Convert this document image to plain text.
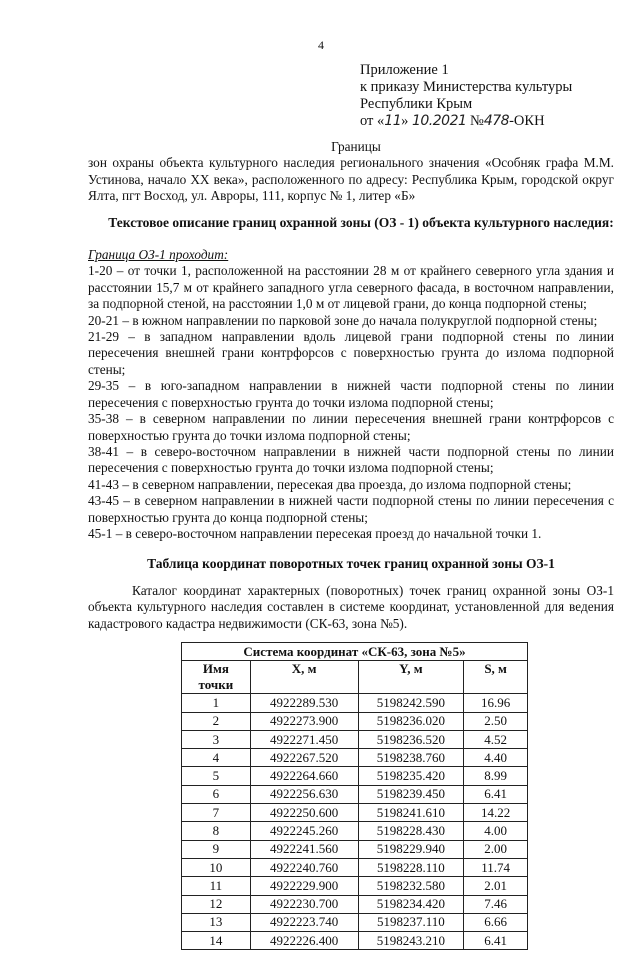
4
Приложение 1
к приказу Министерства культуры
Республики Крым
от «11» 10.2021 №478-ОКН
Границы
зон охраны объекта культурного наследия регионального значения «Особняк графа М.М. Устинова, начало XX века», расположенного по адресу: Республика Крым, городской округ Ялта, пгт Восход, ул. Авроры, 111, корпус № 1, литер «Б»
Текстовое описание границ охранной зоны (ОЗ - 1) объекта культурного наследия:

Граница ОЗ-1 проходит:

1-20 – от точки 1, расположенной на расстоянии 28 м от крайнего северного угла здания и расстоянии 15,7 м от крайнего западного угла северного фасада, в восточном направлении, за подпорной стеной, на расстоянии 1,0 м от лицевой грани, до конца подпорной стены;

20-21 – в южном направлении по парковой зоне до начала полукруглой подпорной стены;

21-29 – в западном направлении вдоль лицевой грани подпорной стены по линии пересечения внешней грани контрфорсов с поверхностью грунта до излома подпорной стены;

29-35 – в юго-западном направлении в нижней части подпорной стены по линии пересечения с поверхностью грунта до точки излома подпорной стены;

35-38 – в северном направлении по линии пересечения внешней грани контрфорсов с поверхностью грунта до точки излома подпорной стены;

38-41 – в северо-восточном направлении в нижней части подпорной стены по линии пересечения с поверхностью грунта до точки излома подпорной стены;

41-43 – в северном направлении, пересекая два проезда, до излома подпорной стены;

43-45 – в северном направлении в нижней части подпорной стены по линии пересечения с поверхностью грунта до конца подпорной стены;

45-1 – в северо-восточном направлении пересекая проезд до начальной точки 1.

Таблица координат поворотных точек границ охранной зоны ОЗ-1
Каталог координат характерных (поворотных) точек границ охранной зоны ОЗ-1 объекта культурного наследия составлен в системе координат, установленной для ведения кадастрового кадастра недвижимости (СК-63, зона №5).
Система координат «СК-63, зона №5»			
Имя точки	X, м	Y, м	S, м
1	4922289.530	5198242.590	16.96
2	4922273.900	5198236.020	2.50
3	4922271.450	5198236.520	4.52
4	4922267.520	5198238.760	4.40
5	4922264.660	5198235.420	8.99
6	4922256.630	5198239.450	6.41
7	4922250.600	5198241.610	14.22
8	4922245.260	5198228.430	4.00
9	4922241.560	5198229.940	2.00
10	4922240.760	5198228.110	11.74
11	4922229.900	5198232.580	2.01
12	4922230.700	5198234.420	7.46
13	4922223.740	5198237.110	6.66
14	4922226.400	5198243.210	6.41
